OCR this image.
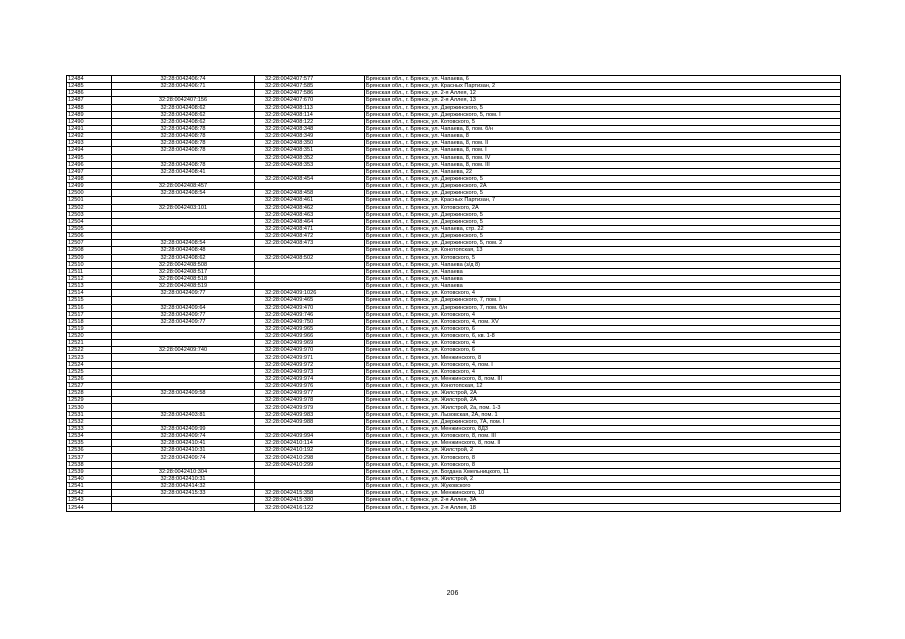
12484	32:28:0042406:74	32:28:0042407:577	Брянская обл., г. Брянск, ул. Чапаева, 6
12485	32:28:0042406:71	32:28:0042407:585	Брянская обл., г. Брянск, ул. Красных Партизан, 2
12486		32:28:0042407:586	Брянская обл., г. Брянск, ул. 2-я Аллея, 12
12487	32:28:0042407:156	32:28:0042407:670	Брянская обл., г. Брянск, ул. 2-я Аллея, 13
12488	32:28:0042408:62	32:28:0042408:113	Брянская обл., г. Брянск, ул. Дзержинского, 5
12489	32:28:0042408:62	32:28:0042408:114	Брянская обл., г. Брянск, ул. Дзержинского, 5, пом. I
12490	32:28:0042408:62	32:28:0042408:122	Брянская обл., г. Брянск, ул. Котовского, 5
12491	32:28:0042408:78	32:28:0042408:348	Брянская обл., г. Брянск, ул. Чапаева, 8, пом. б/н
12492	32:28:0042408:78	32:28:0042408:349	Брянская обл., г. Брянск, ул. Чапаева, 8
12493	32:28:0042408:78	32:28:0042408:350	Брянская обл., г. Брянск, ул. Чапаева, 8, пом. II
12494	32:28:0042408:78	32:28:0042408:351	Брянская обл., г. Брянск, ул. Чапаева, 8, пом. I
12495		32:28:0042408:352	Брянская обл., г. Брянск, ул. Чапаева, 8, пом. IV
12496	32:28:0042408:78	32:28:0042408:353	Брянская обл., г. Брянск, ул. Чапаева, 8, пом. III
12497	32:28:0042408:41		Брянская обл., г. Брянск, ул. Чапаева, 22
12498		32:28:0042408:454	Брянская обл., г. Брянск, ул. Дзержинского, 5
12499	32:28:0042408:457		Брянская обл., г. Брянск, ул. Дзержинского, 2А
12500	32:28:0042408:54	32:28:0042408:458	Брянская обл., г. Брянск, ул. Дзержинского, 5
12501		32:28:0042408:461	Брянская обл., г. Брянск, ул. Красных Партизан, 7
12502	32:28:0042403:101	32:28:0042408:462	Брянская обл., г. Брянск, ул. Котовского, 2А
12503		32:28:0042408:463	Брянская обл., г. Брянск, ул. Дзержинского, 5
12504		32:28:0042408:464	Брянская обл., г. Брянск, ул. Дзержинского, 5
12505		32:28:0042408:471	Брянская обл., г. Брянск, ул. Чапаева, стр. 22
12506		32:28:0042408:472	Брянская обл., г. Брянск, ул. Дзержинского, 5
12507	32:28:0042408:54	32:28:0042408:473	Брянская обл., г. Брянск, ул. Дзержинского, 5, пом. 2
12508	32:28:0042408:48		Брянская обл., г. Брянск, ул. Конотопская, 13
12509	32:28:0042408:62	32:28:0042408:502	Брянская обл., г. Брянск, ул. Котовского, 5
12510	32:28:0042408:508		Брянская обл., г. Брянск, ул. Чапаева (з/д 8)
12511	32:28:0042408:517		Брянская обл., г. Брянск, ул. Чапаева
12512	32:28:0042408:518		Брянская обл., г. Брянск, ул. Чапаева
12513	32:28:0042408:519		Брянская обл., г. Брянск, ул. Чапаева
12514	32:28:0042409:77	32:28:0042409:1026	Брянская обл., г. Брянск, ул. Котовского, 4
12515		32:28:0042409:465	Брянская обл., г. Брянск, ул. Дзержинского, 7, пом. I
12516	32:28:0042409:64	32:28:0042409:470	Брянская обл., г. Брянск, ул. Дзержинского, 7, пом. б/н
12517	32:28:0042409:77	32:28:0042409:746	Брянская обл., г. Брянск, ул. Котовского, 4
12518	32:28:0042409:77	32:28:0042409:750	Брянская обл., г. Брянск, ул. Котовского, 4, пом. XV
12519		32:28:0042409:965	Брянская обл., г. Брянск, ул. Котовского, 6
12520		32:28:0042409:966	Брянская обл., г. Брянск, ул. Котовского, 6, кв. 1-8
12521		32:28:0042409:969	Брянская обл., г. Брянск, ул. Котовского, 4
12522	32:28:0042409:740	32:28:0042409:970	Брянская обл., г. Брянск, ул. Котовского, 6
12523		32:28:0042409:971	Брянская обл., г. Брянск, ул. Менжинского, 8
12524		32:28:0042409:972	Брянская обл., г. Брянск, ул. Котовского, 4, пом. I
12525		32:28:0042409:973	Брянская обл., г. Брянск, ул. Котовского, 4
12526		32:28:0042409:974	Брянская обл., г. Брянск, ул. Менжинского, 8, пом. III
12527		32:28:0042409:976	Брянская обл., г. Брянск, ул. Конотопская, 12
12528	32:28:0042409:58	32:28:0042409:977	Брянская обл., г. Брянск, ул. Жилстрой, 2А
12529		32:28:0042409:978	Брянская обл., г. Брянск, ул. Жилстрой, 2А
12530		32:28:0042409:979	Брянская обл., г. Брянск, ул. Жилстрой, 2а, пом. 1-3
12531	32:28:0042403:81	32:28:0042409:983	Брянская обл., г. Брянск, ул. Лызовская, 2А, пом. 1
12532		32:28:0042409:988	Брянская обл., г. Брянск, ул. Дзержинского, 7А, пом. I
12533	32:28:0042409:99		Брянская обл., г. Брянск, ул. Менжинского, 8Д3
12534	32:28:0042409:74	32:28:0042409:994	Брянская обл., г. Брянск, ул. Котовского, 8, пом. III
12535	32:28:0042410:41	32:28:0042410:114	Брянская обл., г. Брянск, ул. Менжинского, 8, пом. II
12536	32:28:0042410:31	32:28:0042410:192	Брянская обл., г. Брянск, ул. Жилстрой, 2
12537	32:28:0042409:74	32:28:0042410:298	Брянская обл., г. Брянск, ул. Котовского, 8
12538		32:28:0042410:299	Брянская обл., г. Брянск, ул. Котовского, 8
12539	32:28:0042410:304		Брянская обл., г. Брянск, ул. Богдана Хмельницкого, 11
12540	32:28:0042410:31		Брянская обл., г. Брянск, ул. Жилстрой, 2
12541	32:28:0042414:32		Брянская обл., г. Брянск, ул. Жуковского
12542	32:28:0042415:33	32:28:0042415:358	Брянская обл., г. Брянск, ул. Менжинского, 10
12543		32:28:0042415:380	Брянская обл., г. Брянск, ул. 2-я Аллея, 3А
12544		32:28:0042416:122	Брянская обл., г. Брянск, ул. 2-я Аллея, 18
206
